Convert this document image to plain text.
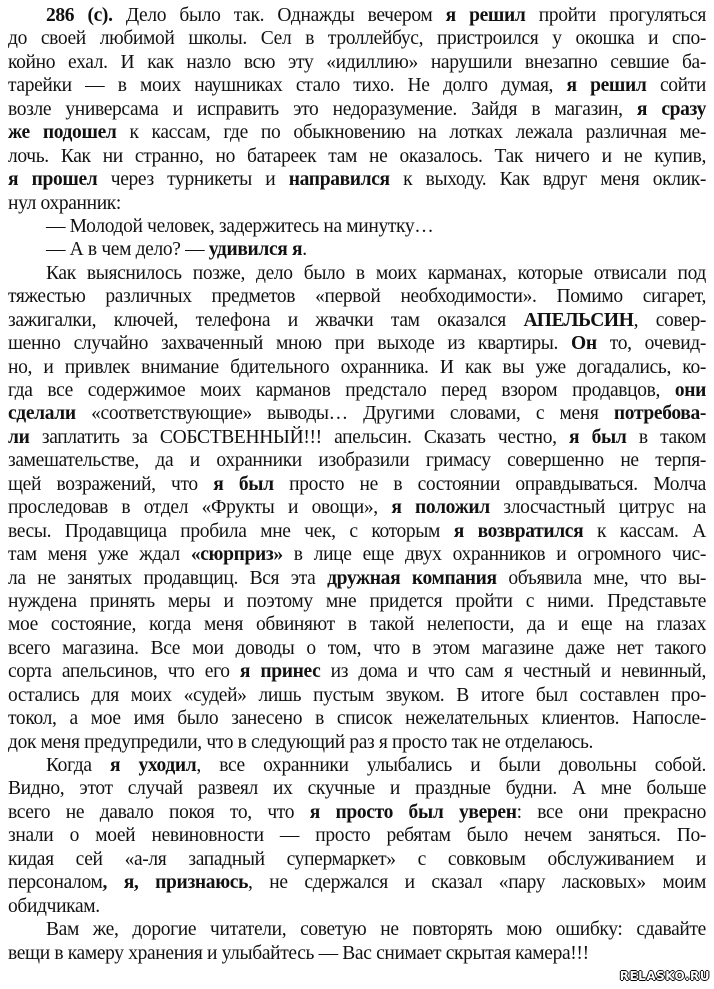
286 (с). Дело было так. Однажды вечером я решил пройти прогуляться
до своей любимой школы. Сел в троллейбус, пристроился у окошка и спо-
койно ехал. И как назло всю эту «идиллию» нарушили внезапно севшие ба-
тарейки — в моих наушниках стало тихо. Не долго думая, я решил сойти
возле универсама и исправить это недоразумение. Зайдя в магазин, я сразу
же подошел к кассам, где по обыкновению на лотках лежала различная ме-
лочь. Как ни странно, но батареек там не оказалось. Так ничего и не купив,
я прошел через турникеты и направился к выходу. Как вдруг меня оклик-
нул охранник:
— Молодой человек, задержитесь на минутку…
— А в чем дело? — удивился я.
Как выяснилось позже, дело было в моих карманах, которые отвисали под
тяжестью различных предметов «первой необходимости». Помимо сигарет,
зажигалки, ключей, телефона и жвачки там оказался АПЕЛЬСИН, совер-
шенно случайно захваченный мною при выходе из квартиры. Он то, очевид-
но, и привлек внимание бдительного охранника. И как вы уже догадались, ко-
гда все содержимое моих карманов предстало перед взором продавцов, они
сделали «соответствующие» выводы… Другими словами, с меня потребова-
ли заплатить за СОБСТВЕННЫЙ!!! апельсин. Сказать честно, я был в таком
замешательстве, да и охранники изобразили гримасу совершенно не терпя-
щей возражений, что я был просто не в состоянии оправдываться. Молча
проследовав в отдел «Фрукты и овощи», я положил злосчастный цитрус на
весы. Продавщица пробила мне чек, с которым я возвратился к кассам. А
там меня уже ждал «сюрприз» в лице еще двух охранников и огромного чис-
ла не занятых продавщиц. Вся эта дружная компания объявила мне, что вы-
нуждена принять меры и поэтому мне придется пройти с ними. Представьте
мое состояние, когда меня обвиняют в такой нелепости, да и еще на глазах
всего магазина. Все мои доводы о том, что в этом магазине даже нет такого
сорта апельсинов, что его я принес из дома и что сам я честный и невинный,
остались для моих «судей» лишь пустым звуком. В итоге был составлен про-
токол, а мое имя было занесено в список нежелательных клиентов. Напосле-
док меня предупредили, что в следующий раз я просто так не отделаюсь.
Когда я уходил, все охранники улыбались и были довольны собой.
Видно, этот случай развеял их скучные и праздные будни. А мне больше
всего не давало покоя то, что я просто был уверен: все они прекрасно
знали о моей невиновности — просто ребятам было нечем заняться. По-
кидая сей «а-ля западный супермаркет» с совковым обслуживанием и
персоналом, я, признаюсь, не сдержался и сказал «пару ласковых» моим
обидчикам.
Вам же, дорогие читатели, советую не повторять мою ошибку: сдавайте
вещи в камеру хранения и улыбайтесь — Вас снимает скрытая камера!!!
RELASKO.RU
